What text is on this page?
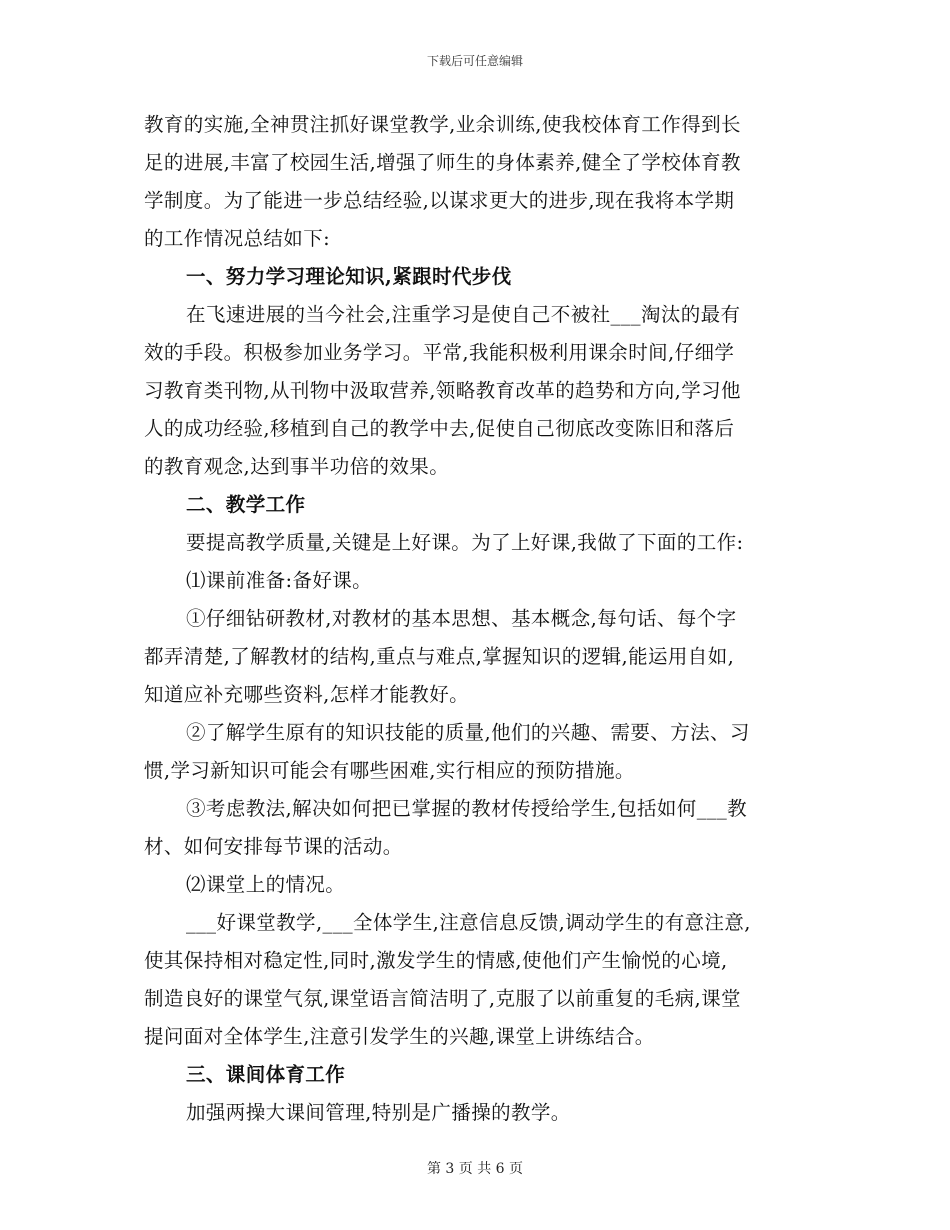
下载后可任意编辑
教育的实施,全神贯注抓好课堂教学,业余训练,使我校体育工作得到长
足的进展,丰富了校园生活,增强了师生的身体素养,健全了学校体育教
学制度。为了能进一步总结经验,以谋求更大的进步,现在我将本学期
的工作情况总结如下:
一、努力学习理论知识,紧跟时代步伐
在飞速进展的当今社会,注重学习是使自己不被社___淘汰的最有
效的手段。积极参加业务学习。平常,我能积极利用课余时间,仔细学
习教育类刊物,从刊物中汲取营养,领略教育改革的趋势和方向,学习他
人的成功经验,移植到自己的教学中去,促使自己彻底改变陈旧和落后
的教育观念,达到事半功倍的效果。
二、教学工作
要提高教学质量,关键是上好课。为了上好课,我做了下面的工作:
⑴课前准备:备好课。
①仔细钻研教材,对教材的基本思想、基本概念,每句话、每个字
都弄清楚,了解教材的结构,重点与难点,掌握知识的逻辑,能运用自如,
知道应补充哪些资料,怎样才能教好。
②了解学生原有的知识技能的质量,他们的兴趣、需要、方法、习
惯,学习新知识可能会有哪些困难,实行相应的预防措施。
③考虑教法,解决如何把已掌握的教材传授给学生,包括如何___教
材、如何安排每节课的活动。
⑵课堂上的情况。
___好课堂教学,___全体学生,注意信息反馈,调动学生的有意注意,
使其保持相对稳定性,同时,激发学生的情感,使他们产生愉悦的心境,
制造良好的课堂气氛,课堂语言简洁明了,克服了以前重复的毛病,课堂
提问面对全体学生,注意引发学生的兴趣,课堂上讲练结合。
三、课间体育工作
加强两操大课间管理,特别是广播操的教学。
第 3 页 共 6 页
